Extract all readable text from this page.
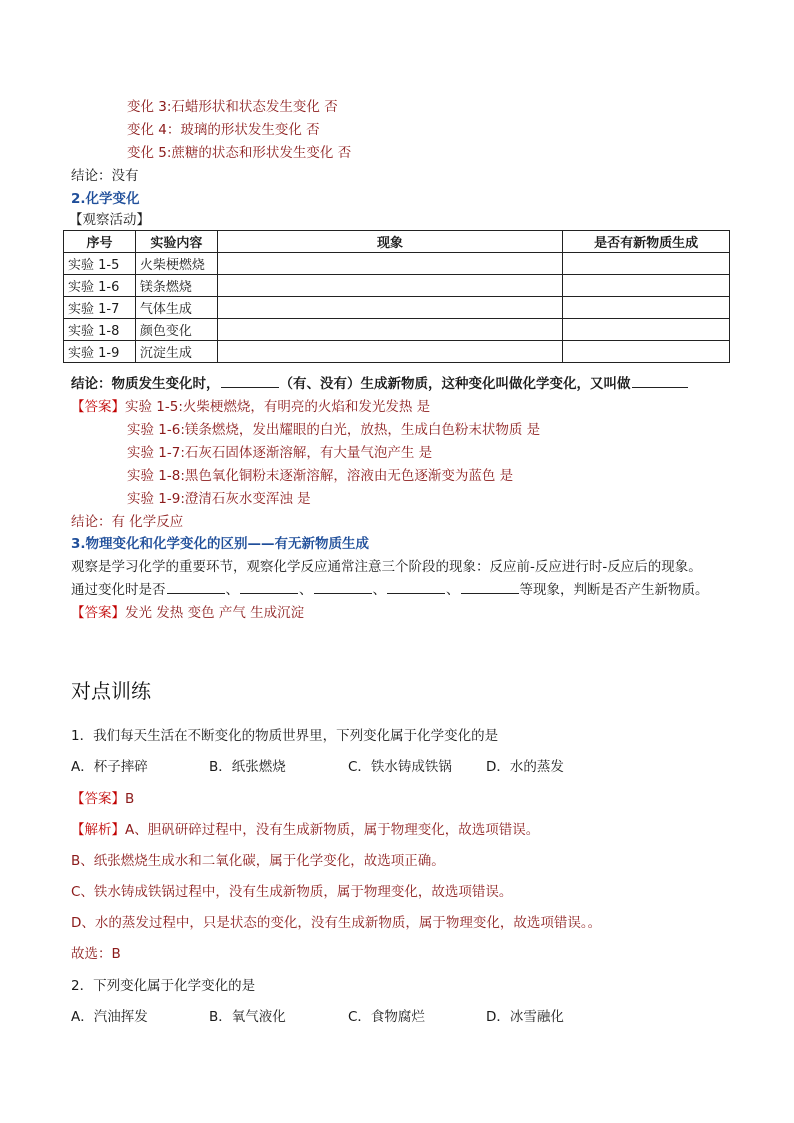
变化 3:石蜡形状和状态发生变化 否
变化 4：玻璃的形状发生变化 否
变化 5:蔗糖的状态和形状发生变化 否
结论：没有
2.化学变化
【观察活动】
序号	实验内容	现象	是否有新物质生成
实验 1-5	火柴梗燃烧		
实验 1-6	镁条燃烧		
实验 1-7	气体生成		
实验 1-8	颜色变化		
实验 1-9	沉淀生成		
结论：物质发生变化时，	（有、没有）生成新物质，这种变化叫做化学变化，又叫做
【答案】实验 1-5:火柴梗燃烧，有明亮的火焰和发光发热 是
实验 1-6:镁条燃烧，发出耀眼的白光，放热，生成白色粉末状物质 是
实验 1-7:石灰石固体逐渐溶解，有大量气泡产生 是
实验 1-8:黑色氧化铜粉末逐渐溶解，溶液由无色逐渐变为蓝色 是
实验 1-9:澄清石灰水变浑浊 是
结论：有 化学反应
3.物理变化和化学变化的区别——有无新物质生成
观察是学习化学的重要环节，观察化学反应通常注意三个阶段的现象：反应前-反应进行时-反应后的现象。
通过变化时是否	、	、	、	、	等现象，判断是否产生新物质。
【答案】发光 发热 变色 产气 生成沉淀
对点训练
1．我们每天生活在不断变化的物质世界里，下列变化属于化学变化的是
A．杯子摔碎	B．纸张燃烧	C．铁水铸成铁锅	D．水的蒸发
【答案】B
【解析】A、胆矾研碎过程中，没有生成新物质，属于物理变化，故选项错误。
B、纸张燃烧生成水和二氧化碳，属于化学变化，故选项正确。
C、铁水铸成铁锅过程中，没有生成新物质，属于物理变化，故选项错误。
D、水的蒸发过程中，只是状态的变化，没有生成新物质，属于物理变化，故选项错误。。
故选：B
2．下列变化属于化学变化的是
A．汽油挥发	B．氧气液化	C．食物腐烂	D．冰雪融化
